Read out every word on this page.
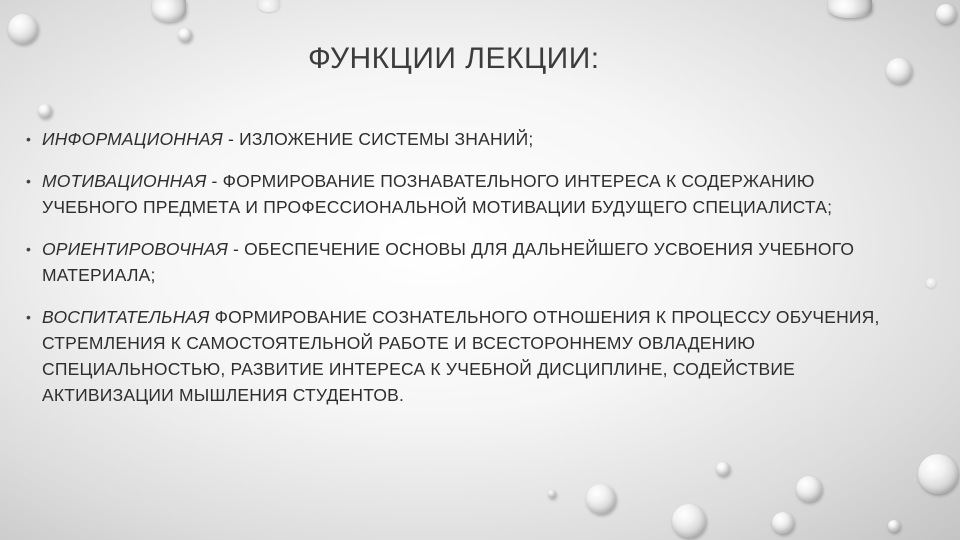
ФУНКЦИИ ЛЕКЦИИ:
• ИНФОРМАЦИОННАЯ - ИЗЛОЖЕНИЕ СИСТЕМЫ ЗНАНИЙ;
• МОТИВАЦИОННАЯ - ФОРМИРОВАНИЕ ПОЗНАВАТЕЛЬНОГО ИНТЕРЕСА К СОДЕРЖАНИЮ УЧЕБНОГО ПРЕДМЕТА И ПРОФЕССИОНАЛЬНОЙ МОТИВАЦИИ БУДУЩЕГО СПЕЦИАЛИСТА;
• ОРИЕНТИРОВОЧНАЯ - ОБЕСПЕЧЕНИЕ ОСНОВЫ ДЛЯ ДАЛЬНЕЙШЕГО УСВОЕНИЯ УЧЕБНОГО МАТЕРИАЛА;
• ВОСПИТАТЕЛЬНАЯ ФОРМИРОВАНИЕ СОЗНАТЕЛЬНОГО ОТНОШЕНИЯ К ПРОЦЕССУ ОБУЧЕНИЯ, СТРЕМЛЕНИЯ К САМОСТОЯТЕЛЬНОЙ РАБОТЕ И ВСЕСТОРОННЕМУ ОВЛАДЕНИЮ СПЕЦИАЛЬНОСТЬЮ, РАЗВИТИЕ ИНТЕРЕСА К УЧЕБНОЙ ДИСЦИПЛИНЕ, СОДЕЙСТВИЕ АКТИВИЗАЦИИ МЫШЛЕНИЯ СТУДЕНТОВ.
